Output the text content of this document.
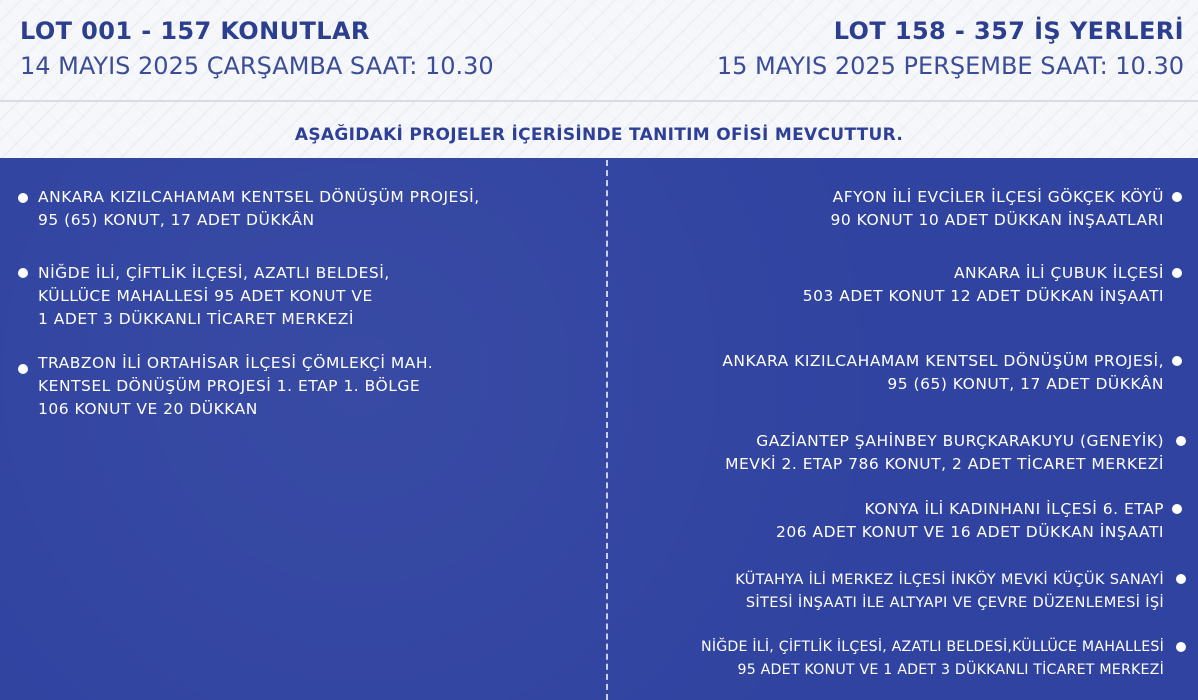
LOT 001 - 157 KONUTLAR
14 MAYIS 2025 ÇARŞAMBA SAAT: 10.30
LOT 158 - 357 İŞ YERLERİ
15 MAYIS 2025 PERŞEMBE SAAT: 10.30
AŞAĞIDAKİ PROJELER İÇERİSİNDE TANITIM OFİSİ MEVCUTTUR.
ANKARA KIZILCAHAMAM KENTSEL DÖNÜŞÜM PROJESİ,
95 (65) KONUT, 17 ADET DÜKKÂN
NİĞDE İLİ, ÇİFTLİK İLÇESİ, AZATLI BELDESİ,
KÜLLÜCE MAHALLESİ 95 ADET KONUT VE
1 ADET 3 DÜKKANLI TİCARET MERKEZİ
TRABZON İLİ ORTAHİSAR İLÇESİ ÇÖMLEKÇİ MAH.
KENTSEL DÖNÜŞÜM PROJESİ 1. ETAP 1. BÖLGE
106 KONUT VE 20 DÜKKAN
AFYON İLİ EVCİLER İLÇESİ GÖKÇEK KÖYÜ
90 KONUT 10 ADET DÜKKAN İNŞAATLARI
ANKARA İLİ ÇUBUK İLÇESİ
503 ADET KONUT 12 ADET DÜKKAN İNŞAATI
ANKARA KIZILCAHAMAM KENTSEL DÖNÜŞÜM PROJESİ,
95 (65) KONUT, 17 ADET DÜKKÂN
GAZİANTEP ŞAHİNBEY BURÇKARAKUYU (GENEYİK)
MEVKİ 2. ETAP 786 KONUT, 2 ADET TİCARET MERKEZİ
KONYA İLİ KADINHANI İLÇESİ 6. ETAP
206 ADET KONUT VE 16 ADET DÜKKAN İNŞAATI
KÜTAHYA İLİ MERKEZ İLÇESİ İNKÖY MEVKİ KÜÇÜK SANAYİ
SİTESİ İNŞAATI İLE ALTYAPI VE ÇEVRE DÜZENLEMESİ İŞİ
NİĞDE İLİ, ÇİFTLİK İLÇESİ, AZATLI BELDESİ,KÜLLÜCE MAHALLESİ
95 ADET KONUT VE 1 ADET 3 DÜKKANLI TİCARET MERKEZİ
